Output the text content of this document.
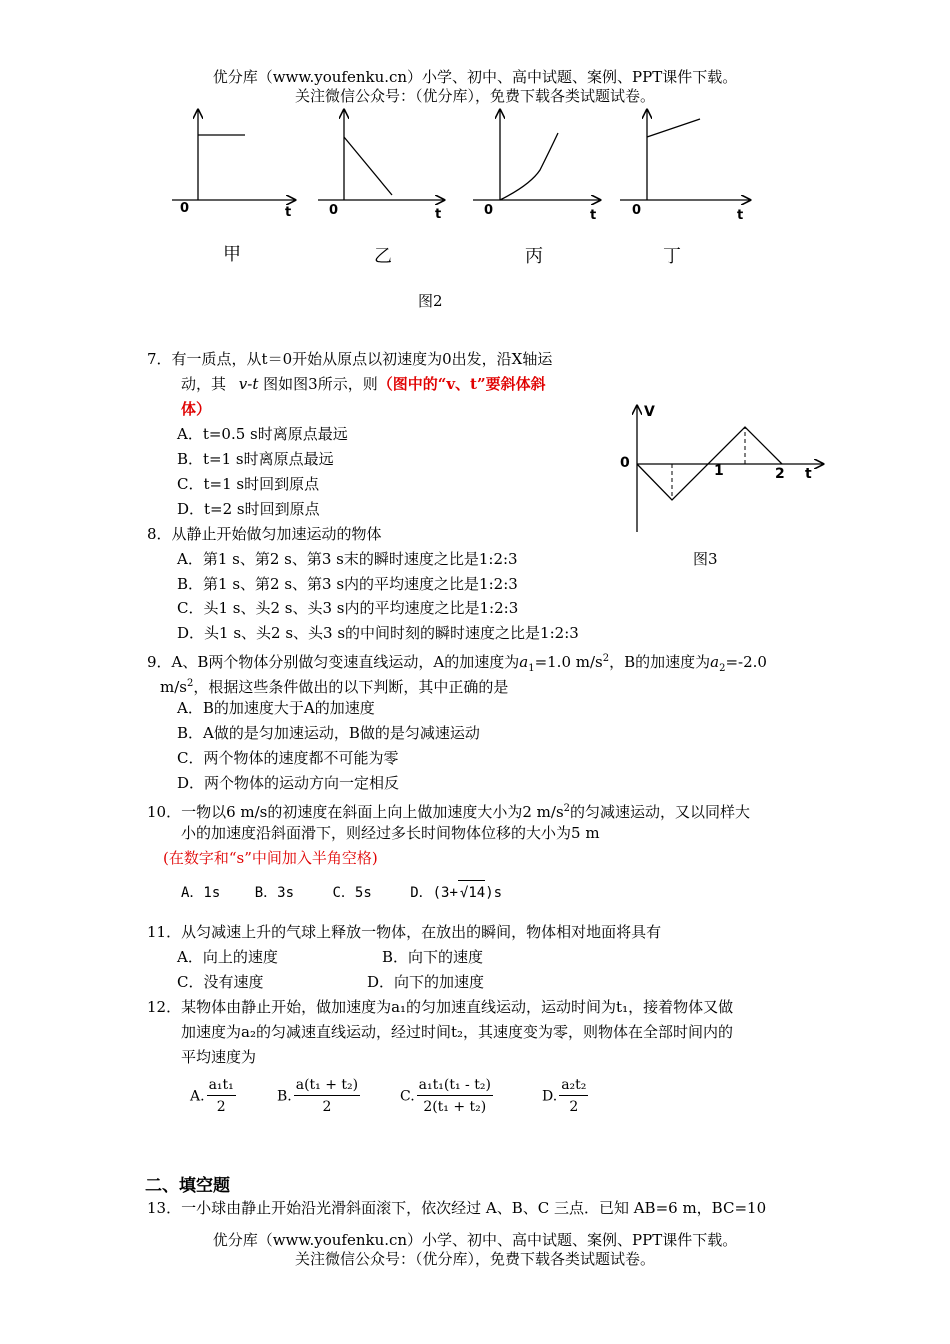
优分库（www.youfenku.cn）小学、初中、高中试题、案例、PPT课件下载。
关注微信公众号：（优分库），免费下载各类试题试卷。
0	t	0	t	0	t	0	t
甲	乙	丙	丁
图2
7．有一质点，从t＝0开始从原点以初速度为0出发，沿X轴运
动，其 v-t 图如图3所示，则（图中的“v、t”要斜体斜
体）
A．t=0.5 s时离原点最远
B．t=1 s时离原点最远
C．t=1 s时回到原点
D．t=2 s时回到原点
V
0	1	2 t
图3
8．从静止开始做匀加速运动的物体
A．第1 s、第2 s、第3 s末的瞬时速度之比是1:2:3
B．第1 s、第2 s、第3 s内的平均速度之比是1:2:3
C．头1 s、头2 s、头3 s内的平均速度之比是1:2:3
D．头1 s、头2 s、头3 s的中间时刻的瞬时速度之比是1:2:3
9．A、B两个物体分别做匀变速直线运动，A的加速度为$a_1=1.0$ $m/s^2$，B的加速度为$a_2=-2.0$
$m/s^2$，根据这些条件做出的以下判断，其中正确的是
A．B的加速度大于A的加速度
B．A做的是匀加速运动，B做的是匀减速运动
C．两个物体的速度都不可能为零
D．两个物体的运动方向一定相反
10．一物以6 m/s的初速度在斜面上向上做加速度大小为2 $m/s^2$的匀减速运动，又以同样大
小的加速度沿斜面滑下，则经过多长时间物体位移的大小为5 m
(在数字和“s”中间加入半角空格)
A．1s B．3s	C．5s	D．(3+ √14)s
11．从匀减速上升的气球上释放一物体，在放出的瞬间，物体相对地面将具有
A．向上的速度	B．向下的速度
C．没有速度	D．向下的加速度
12．某物体由静止开始，做加速度为a₁的匀加速直线运动，运动时间为t₁，接着物体又做
加速度为a₂的匀减速直线运动，经过时间t₂，其速度变为零，则物体在全部时间内的
平均速度为
A. $\frac{\text{a₁t₁}}{2}$	B. $\frac{\text{a(t₁ + t₂)}}{2}$	C. $\frac{\text{a₁t₁(t₁ - t₂)}}{\text{2(t₁ + t₂)}}$	D. $\frac{\text{a₂t₂}}{2}$
二、填空题
13．一小球由静止开始沿光滑斜面滚下，依次经过 A、B、C 三点．已知 AB=6 m，BC=10
优分库（www.youfenku.cn）小学、初中、高中试题、案例、PPT课件下载。
关注微信公众号：（优分库），免费下载各类试题试卷。
